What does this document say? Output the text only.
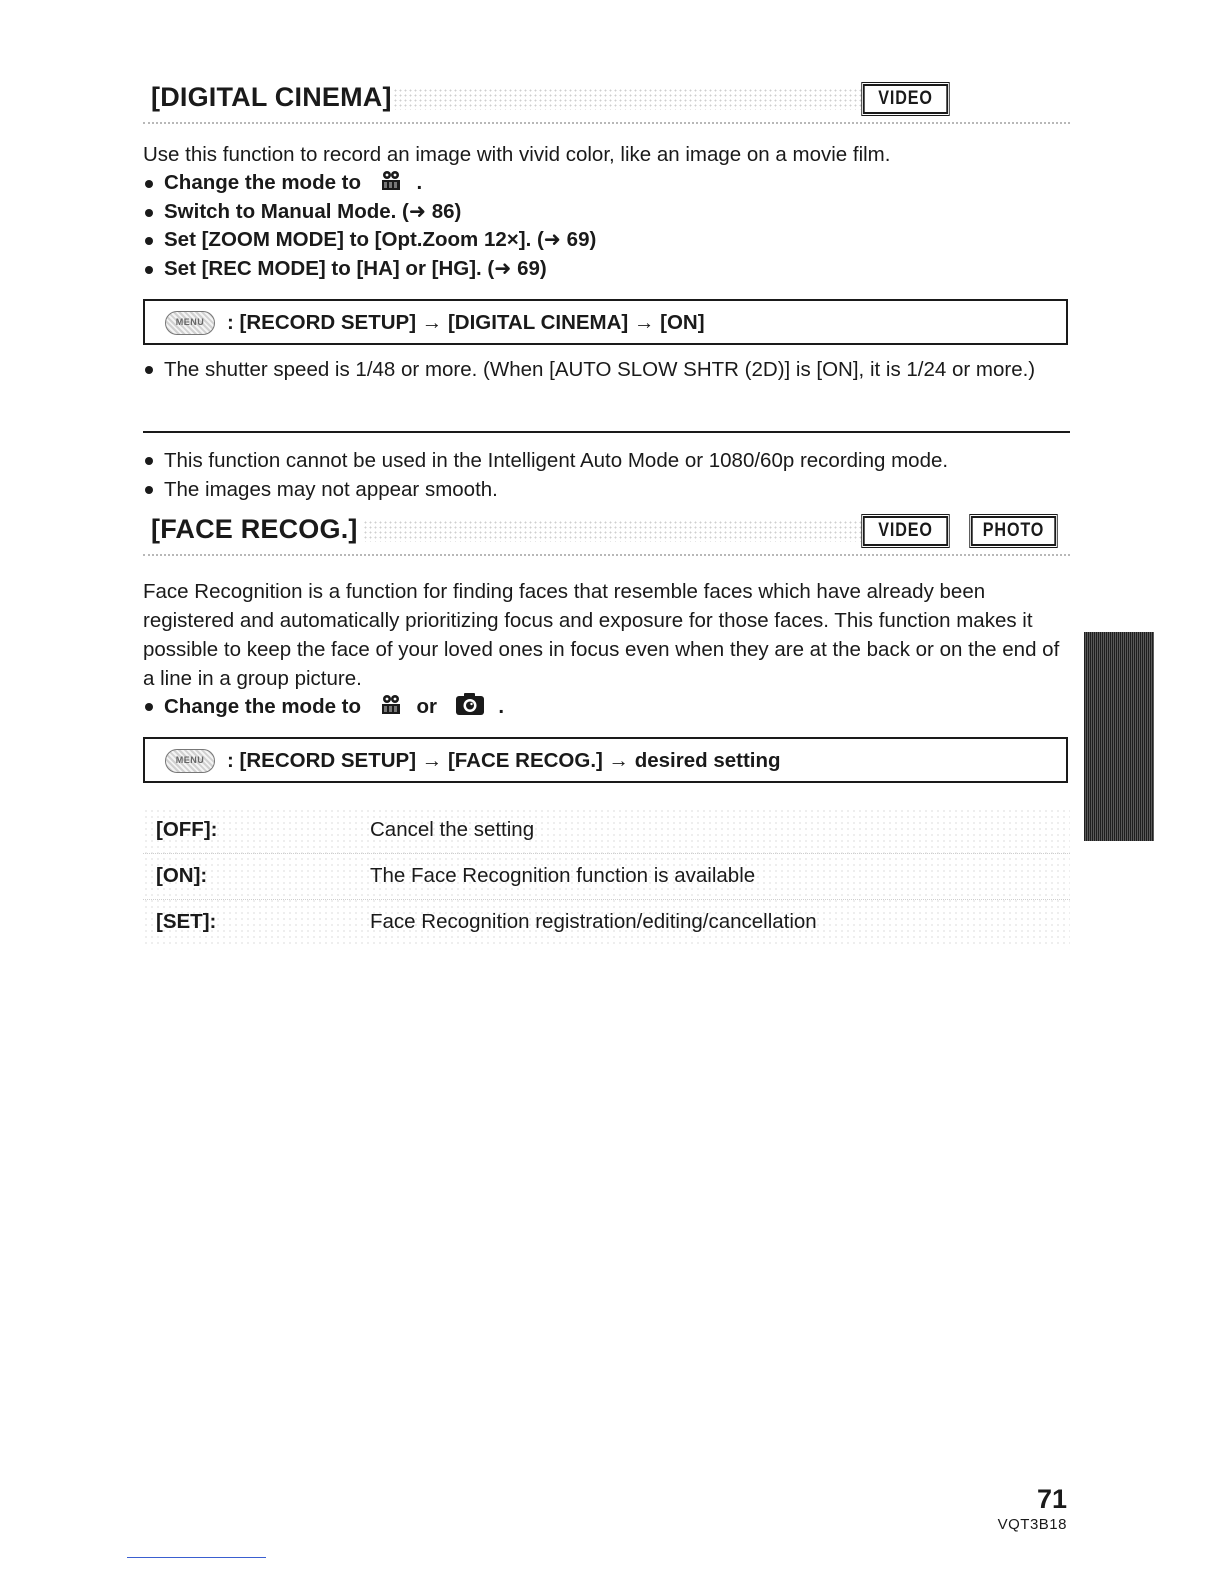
[DIGITAL CINEMA]	VIDEO
Use this function to record an image with vivid color, like an image on a movie film.
Change the mode to	.
Switch to Manual Mode. (➜ 86)
Set [ZOOM MODE] to [Opt.Zoom 12×]. (➜ 69)
Set [REC MODE] to [HA] or [HG]. (➜ 69)
MENU	: [RECORD SETUP] → [DIGITAL CINEMA] → [ON]
The shutter speed is 1/48 or more. (When [AUTO SLOW SHTR (2D)] is [ON], it is 1/24 or more.)
This function cannot be used in the Intelligent Auto Mode or 1080/60p recording mode.
The images may not appear smooth.
[FACE RECOG.]	VIDEO	PHOTO
Face Recognition is a function for finding faces that resemble faces which have already been registered and automatically prioritizing focus and exposure for those faces. This function makes it possible to keep the face of your loved ones in focus even when they are at the back or on the end of a line in a group picture.
Change the mode to	or	.
MENU	: [RECORD SETUP] → [FACE RECOG.] → desired setting
[OFF]:	Cancel the setting
[ON]:	The Face Recognition function is available
[SET]:	Face Recognition registration/editing/cancellation
71
VQT3B18
